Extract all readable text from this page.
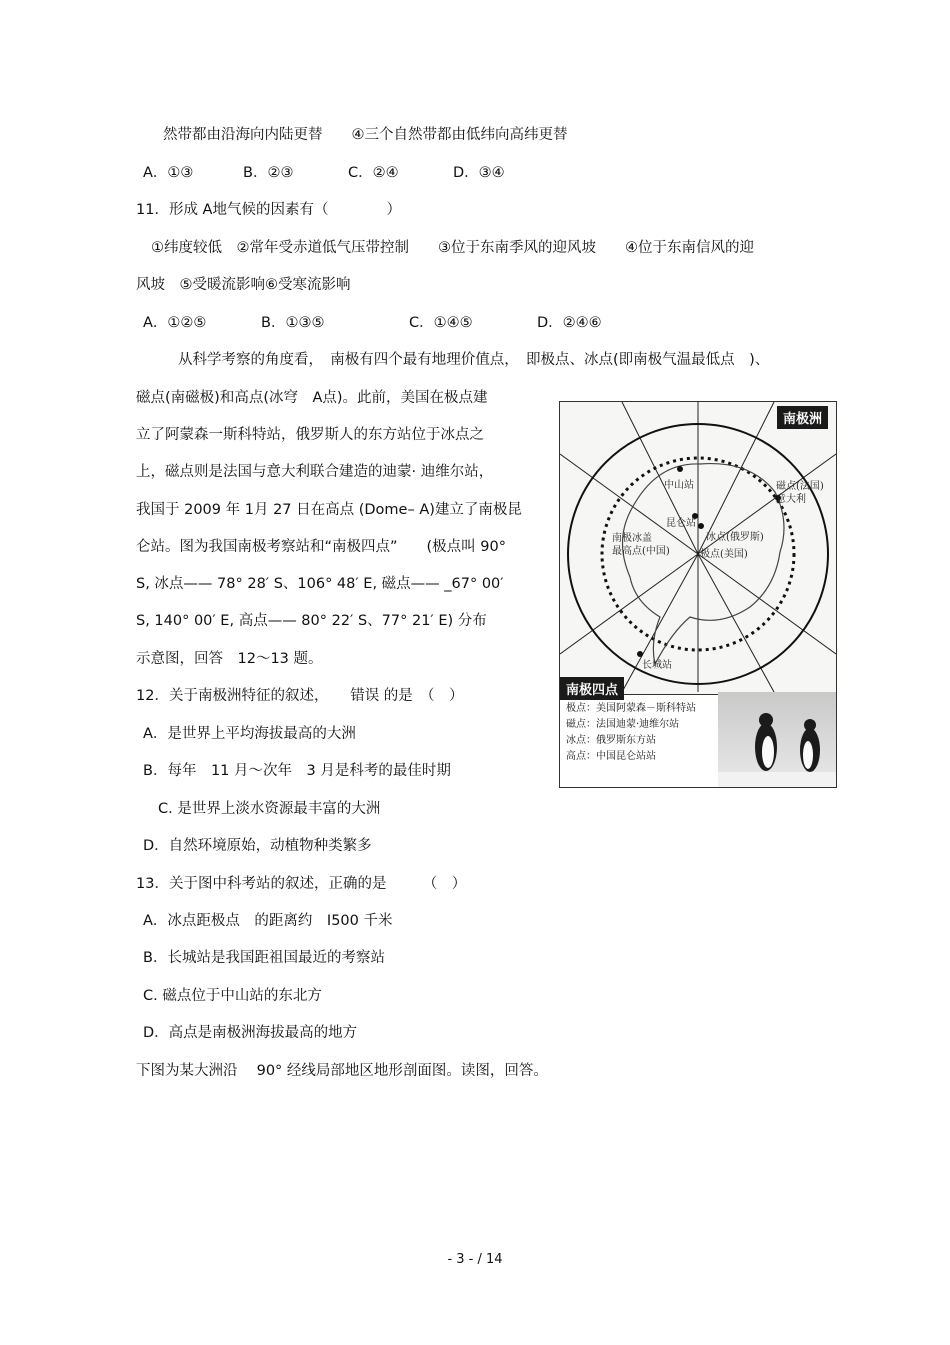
然带都由沿海向内陆更替　　④三个自然带都由低纬向高纬更替
A．①③	B．②③	C．②④	D．③④
11．形成 A地气候的因素有（　　　　）
①纬度较低　②常年受赤道低气压带控制　　③位于东南季风的迎风坡　　④位于东南信风的迎
风坡　⑤受暖流影响⑥受寒流影响
A．①②⑤	B．①③⑤	C．①④⑤	D．②④⑥
从科学考察的角度看，　南极有四个最有地理价值点，　即极点、冰点(即南极气温最低点　)、
磁点(南磁极)和高点(冰穹　A点)。此前，美国在极点建
立了阿蒙森一斯科特站，俄罗斯人的东方站位于冰点之
上，磁点则是法国与意大利联合建造的迪蒙· 迪维尔站，
我国于 2009 年 1月 27 日在高点 (Dome– A)建立了南极昆
仑站。图为我国南极考察站和“南极四点”　　(极点叫 90°
S, 冰点—— 78° 28′ S、106° 48′ E, 磁点—— _67° 00′
S, 140° 00′ E, 高点—— 80° 22′ S、77° 21′ E) 分布
示意图，回答　12～13 题。
12．关于南极洲特征的叙述，　　错误 的是　（　）
A．是世界上平均海拔最高的大洲
B．每年　11 月～次年　3 月是科考的最佳时期
C. 是世界上淡水资源最丰富的大洲
D．自然环境原始，动植物种类繁多
13．关于图中科考站的叙述，正确的是　　　（　）
A．冰点距极点　的距离约　I500 千米
B．长城站是我国距祖国最近的考察站
C. 磁点位于中山站的东北方
D．高点是南极洲海拔最高的地方
下图为某大洲沿　 90° 经线局部地区地形剖面图。读图，回答。
南极洲
中山站
昆仑站
南极冰盖
最高点(中国)
冰点(俄罗斯)
极点(美国)
磁点(法国)
意大利
长城站
南极四点
极点：美国阿蒙森－斯科特站
磁点：法国迪蒙·迪维尔站
冰点：俄罗斯东方站
高点：中国昆仑站站
- 3 - / 14
